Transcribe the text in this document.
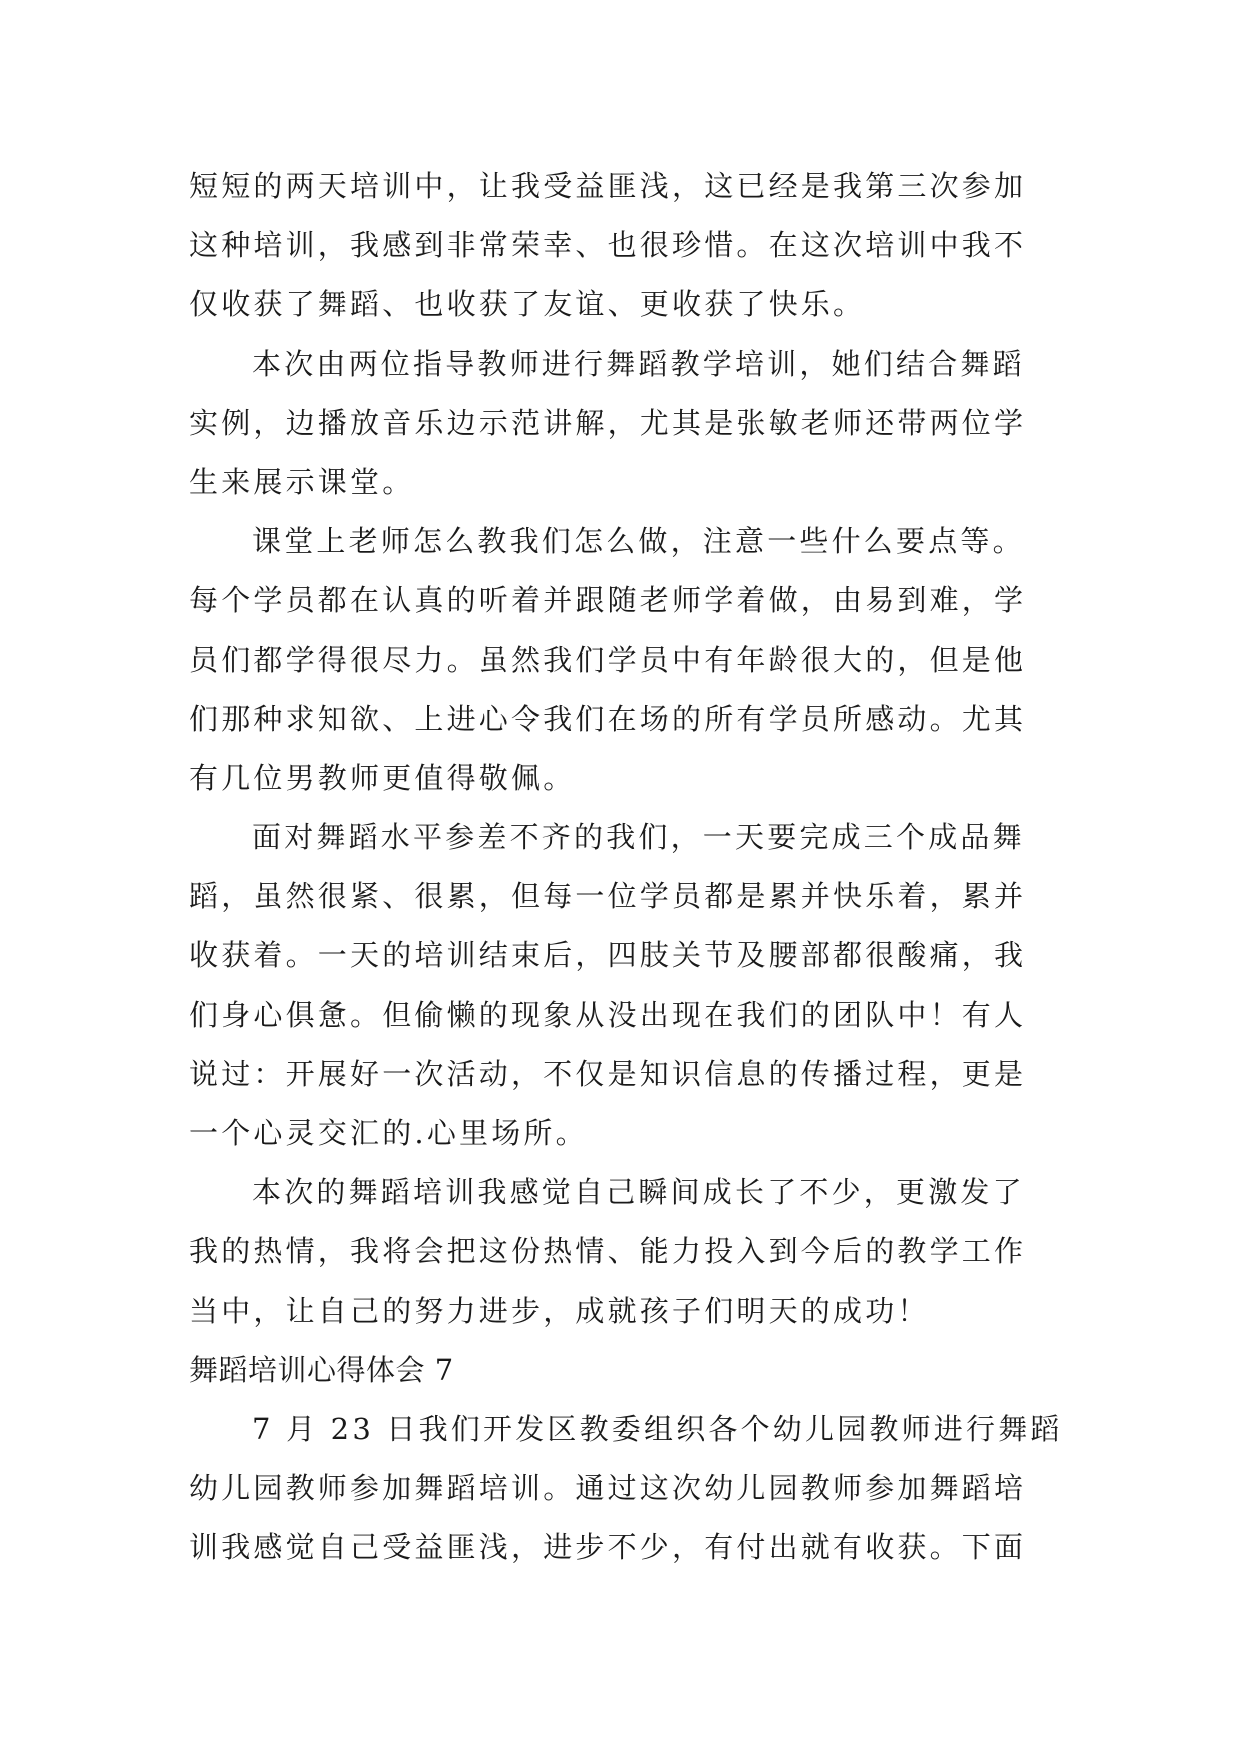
短短的两天培训中，让我受益匪浅，这已经是我第三次参加
这种培训，我感到非常荣幸、也很珍惜。在这次培训中我不
仅收获了舞蹈、也收获了友谊、更收获了快乐。
本次由两位指导教师进行舞蹈教学培训，她们结合舞蹈
实例，边播放音乐边示范讲解，尤其是张敏老师还带两位学
生来展示课堂。
课堂上老师怎么教我们怎么做，注意一些什么要点等。
每个学员都在认真的听着并跟随老师学着做，由易到难，学
员们都学得很尽力。虽然我们学员中有年龄很大的，但是他
们那种求知欲、上进心令我们在场的所有学员所感动。尤其
有几位男教师更值得敬佩。
面对舞蹈水平参差不齐的我们，一天要完成三个成品舞
蹈，虽然很紧、很累，但每一位学员都是累并快乐着，累并
收获着。一天的培训结束后，四肢关节及腰部都很酸痛，我
们身心俱惫。但偷懒的现象从没出现在我们的团队中！有人
说过：开展好一次活动，不仅是知识信息的传播过程，更是
一个心灵交汇的.心里场所。
本次的舞蹈培训我感觉自己瞬间成长了不少，更激发了
我的热情，我将会把这份热情、能力投入到今后的教学工作
当中，让自己的努力进步，成就孩子们明天的成功！
舞蹈培训心得体会 7
7 月 23 日我们开发区教委组织各个幼儿园教师进行舞蹈
幼儿园教师参加舞蹈培训。通过这次幼儿园教师参加舞蹈培
训我感觉自己受益匪浅，进步不少，有付出就有收获。下面
